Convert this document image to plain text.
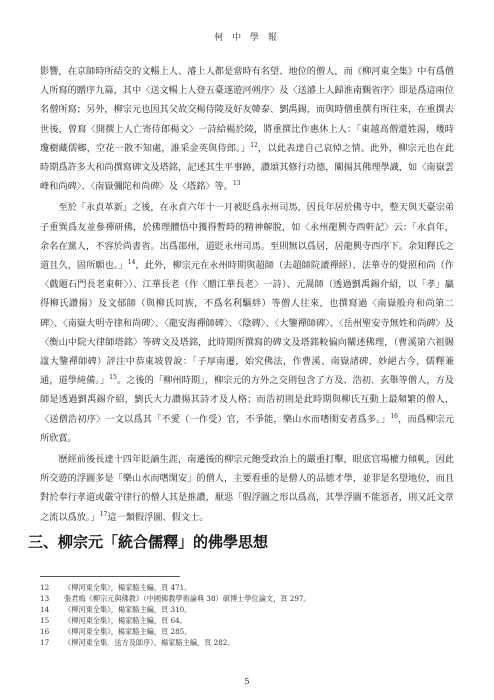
柯 中 學 報

影響，在京師時所結交的文暢上人、濬上人都是當時有名望、地位的僧人，而《柳河東全集》中有爲僧人所寫的贈序九篇，其中〈送文暢上人登五臺遂遊河朔序〉及〈送濬上人歸淮南覲省序〉即是爲這兩位名僧所寫；另外，柳宗元也因其父故交楊侍陵及好友韓泰、劉禹錫，而與時僧重撰有所往來，在重撰去世後，曾寫〈開撰上人亡寄侍郎楊文〉一詩給楊於陵，將重撰比作惠休上人：「東越高僧還姓湯，幾時瓊樹藏儒鄉，空花一散不知處，誰采金英與侍郎。」$^{12}$，以此表達自己哀悼之情。此外，柳宗元也在此時期爲許多大和尚撰寫碑文及塔銘，記述其生平事跡，讚頌其修行功德，闡揚其佛理學識，如〈南嶽雲峰和尚碑〉、〈南嶽彌陀和尚碑〉及〈塔銘〉等。$^{13}$

至於「永貞革新」之後，在永貞六年十一月被貶爲永州司馬，因長年居於佛寺中，整天與天臺宗弟子重巽爲友並參禪研佛，於佛理體悟中獲得暫時的精神解脫，如〈永州龍興寺西軒記〉云：「永貞年，余名在黨人，不容於尚書省。出爲邵州，道貶永州司馬。至則無以爲居，居龍興寺西序下。余知釋氏之道且久，固所願也。」$^{14}$，此外，柳宗元在永州時期與超師（去超師院讀禪經）、法華寺的覺照和尚（作〈戲題石門長老東軒〉）、江華長老（作〈贈江華長老〉一詩）、元暠師（透過劉禹錫介紹，以「孝」贏得柳氏讚揚）及文郁師（與柳氏同族，不爲名利驅絆）等僧人往來，也撰寫過〈南嶽般舟和尚第二碑〉、〈南嶽大明寺律和尚碑〉、〈龍安海禪師碑〉、〈陰碑〉、〈大鑒禪師碑〉、〈岳州聖安寺無姓和尚碑〉及〈衡山中院大律師塔銘〉等碑文及塔銘，此時期所撰寫的碑文及塔銘較偏向闡述佛理，（曹溪第六祖賜諡大鑒禪師碑）評注中恭東坡曾說：「子厚南遷，始究佛法，作曹溪、南嶽諸碑，妙絕古今，儒釋兼通，道學純備。」$^{15}$。之後的「柳州時期」，柳宗元的方外之交則包含了方及、浩初、玄舉等僧人，方及師是透過劉禹錫介紹，劉氏大力讚揚其詩才及人格；而浩初則是此時期與柳氏互動上最頻繁的僧人，〈送僧浩初序〉一文以爲其「不愛（一作受）官，不爭能，樂山水而嗜閑安者爲多。」$^{16}$，而爲柳宗元所欣賞。

歷經前後長達十四年貶謫生涯，南遷後的柳宗元飽受政治上的嚴重打擊，眼底官場權力傾軋，因此所交遊的浮圖多是「樂山水而嗜閑安」的僧人，主要看重的是僧人的品德才學，並非是名望地位，而且對於奉行孝道或嚴守律行的僧人其是推讚，厭惡「假浮圖之形以爲高，其學浮圖不能惡者，則又託文章之流以爲放。」$^{17}$這一類假浮圖、假文士。

三、柳宗元「統合儒釋」的佛學思想
12 《柳河東全集》，楊家駱主編，頁 471。
13 張君梅《柳宗元與佛教》（中國佛教學術論典 38）碩博士學位論文，頁 297。
14 《柳河東全集》，楊家駱主編，頁 310。
15 《柳河東全集》，楊家駱主編，頁 64。
16 《柳河東全集》，楊家駱主編，頁 285。
17 《柳河東全集．送方及師序》，楊家駱主編，頁 282。
5
